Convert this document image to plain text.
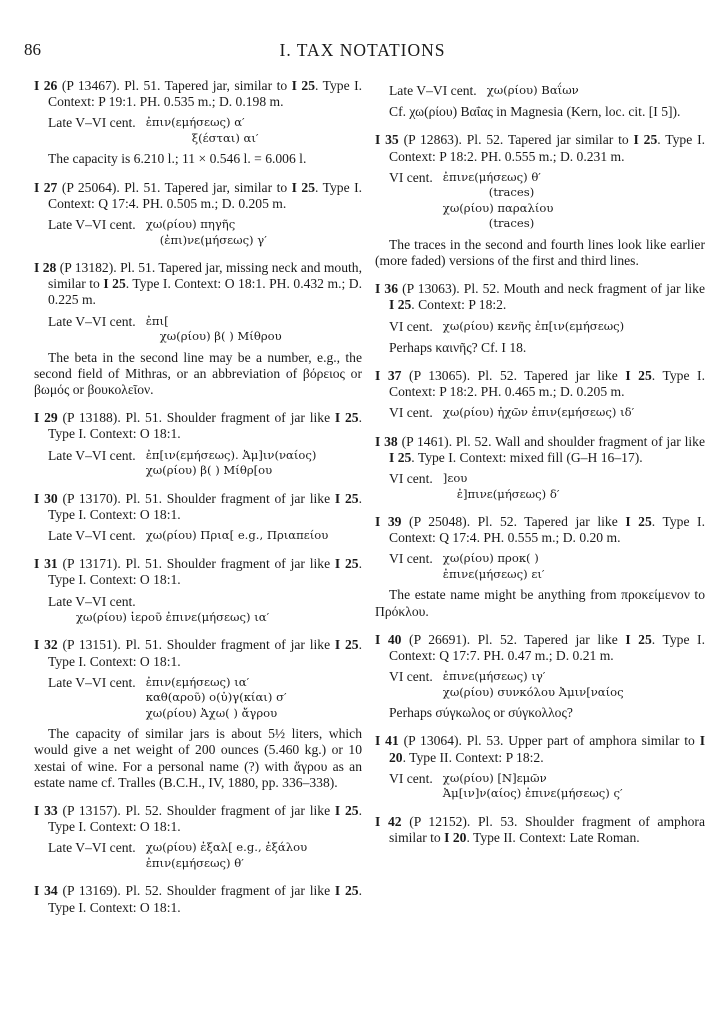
86	I. TAX NOTATIONS
I 26 (P 13467). Pl. 51. Tapered jar, similar to I 25. Type I. Context: P 19:1. PH. 0.535 m.; D. 0.198 m.
Late V–VI cent. ἐπιν(εμήσεως) α′
ξ(έσται) αι′
The capacity is 6.210 l.; 11 × 0.546 l. = 6.006 l.
I 27 (P 25064). Pl. 51. Tapered jar, similar to I 25. Type I. Context: Q 17:4. PH. 0.505 m.; D. 0.205 m.
Late V–VI cent. χω(ρίου) πηγῆς
(ἐπι)νε(μήσεως) γ′
I 28 (P 13182). Pl. 51. Tapered jar, missing neck and mouth, similar to I 25. Type I. Context: O 18:1. PH. 0.432 m.; D. 0.225 m.
Late V–VI cent. ἐπι[
χω(ρίου) β( ) Μίθρου
The beta in the second line may be a number, e.g., the second field of Mithras, or an abbreviation of βόρειος or βωμός or βουκολεῖον.
I 29 (P 13188). Pl. 51. Shoulder fragment of jar like I 25. Type I. Context: O 18:1.
Late V–VI cent. ἐπ[ιν(εμήσεως). Ἀμ]ιν(ναίος)
χω(ρίου) β( ) Μίθρ[ου
I 30 (P 13170). Pl. 51. Shoulder fragment of jar like I 25. Type I. Context: O 18:1.
Late V–VI cent. χω(ρίου) Πρια[ e.g., Πριαπείου
I 31 (P 13171). Pl. 51. Shoulder fragment of jar like I 25. Type I. Context: O 18:1.
Late V–VI cent.
χω(ρίου) ἱεροῦ ἐπινε(μήσεως) ια′
I 32 (P 13151). Pl. 51. Shoulder fragment of jar like I 25. Type I. Context: O 18:1.
Late V–VI cent. ἐπιν(εμήσεως) ια′
καθ(αροῦ) ο(ὐ)γ(κίαι) σ′
χω(ρίου) Ἀχω( ) ἄγρου
The capacity of similar jars is about 5½ liters, which would give a net weight of 200 ounces (5.460 kg.) or 10 xestai of wine. For a personal name (?) with ἄγρου as an estate name cf. Tralles (B.C.H., IV, 1880, pp. 336–338).
I 33 (P 13157). Pl. 52. Shoulder fragment of jar like I 25. Type I. Context: O 18:1.
Late V–VI cent. χω(ρίου) ἐξαλ[ e.g., ἐξάλου
ἐπιν(εμήσεως) θ′
I 34 (P 13169). Pl. 52. Shoulder fragment of jar like I 25. Type I. Context: O 18:1.
Late V–VI cent. χω(ρίου) Βαΐων
Cf. χω(ρίου) Βαΐας in Magnesia (Kern, loc. cit. [I 5]).
I 35 (P 12863). Pl. 52. Tapered jar similar to I 25. Type I. Context: P 18:2. PH. 0.555 m.; D. 0.231 m.
VI cent. ἐπινε(μήσεως) θ′
(traces)
χω(ρίου) παραλίου
(traces)
The traces in the second and fourth lines look like earlier (more faded) versions of the first and third lines.
I 36 (P 13063). Pl. 52. Mouth and neck fragment of jar like I 25. Context: P 18:2.
VI cent. χω(ρίου) κενῆς ἐπ[ιν(εμήσεως)
Perhaps καινῆς? Cf. I 18.
I 37 (P 13065). Pl. 52. Tapered jar like I 25. Type I. Context: P 18:2. PH. 0.465 m.; D. 0.205 m.
VI cent. χω(ρίου) ἠχῶν ἐπιν(εμήσεως) ιδ′
I 38 (P 1461). Pl. 52. Wall and shoulder fragment of jar like I 25. Type I. Context: mixed fill (G–H 16–17).
VI cent. ]εου
ἐ]πινε(μήσεως) δ′
I 39 (P 25048). Pl. 52. Tapered jar like I 25. Type I. Context: Q 17:4. PH. 0.555 m.; D. 0.20 m.
VI cent. χω(ρίου) προκ( )
ἐπινε(μήσεως) ει′
The estate name might be anything from προκείμενον to Πρόκλου.
I 40 (P 26691). Pl. 52. Tapered jar like I 25. Type I. Context: Q 17:7. PH. 0.47 m.; D. 0.21 m.
VI cent. ἐπινε(μήσεως) ιγ′
χω(ρίου) συνκόλου Ἀμιν[ναίος
Perhaps σύγκωλος or σύγκολλος?
I 41 (P 13064). Pl. 53. Upper part of amphora similar to I 20. Type II. Context: P 18:2.
VI cent. χω(ρίου) [N]εμῶν
Ἀμ[ιν]ν(αίος) ἐπινε(μήσεως) ς′
I 42 (P 12152). Pl. 53. Shoulder fragment of amphora similar to I 20. Type II. Context: Late Roman.
